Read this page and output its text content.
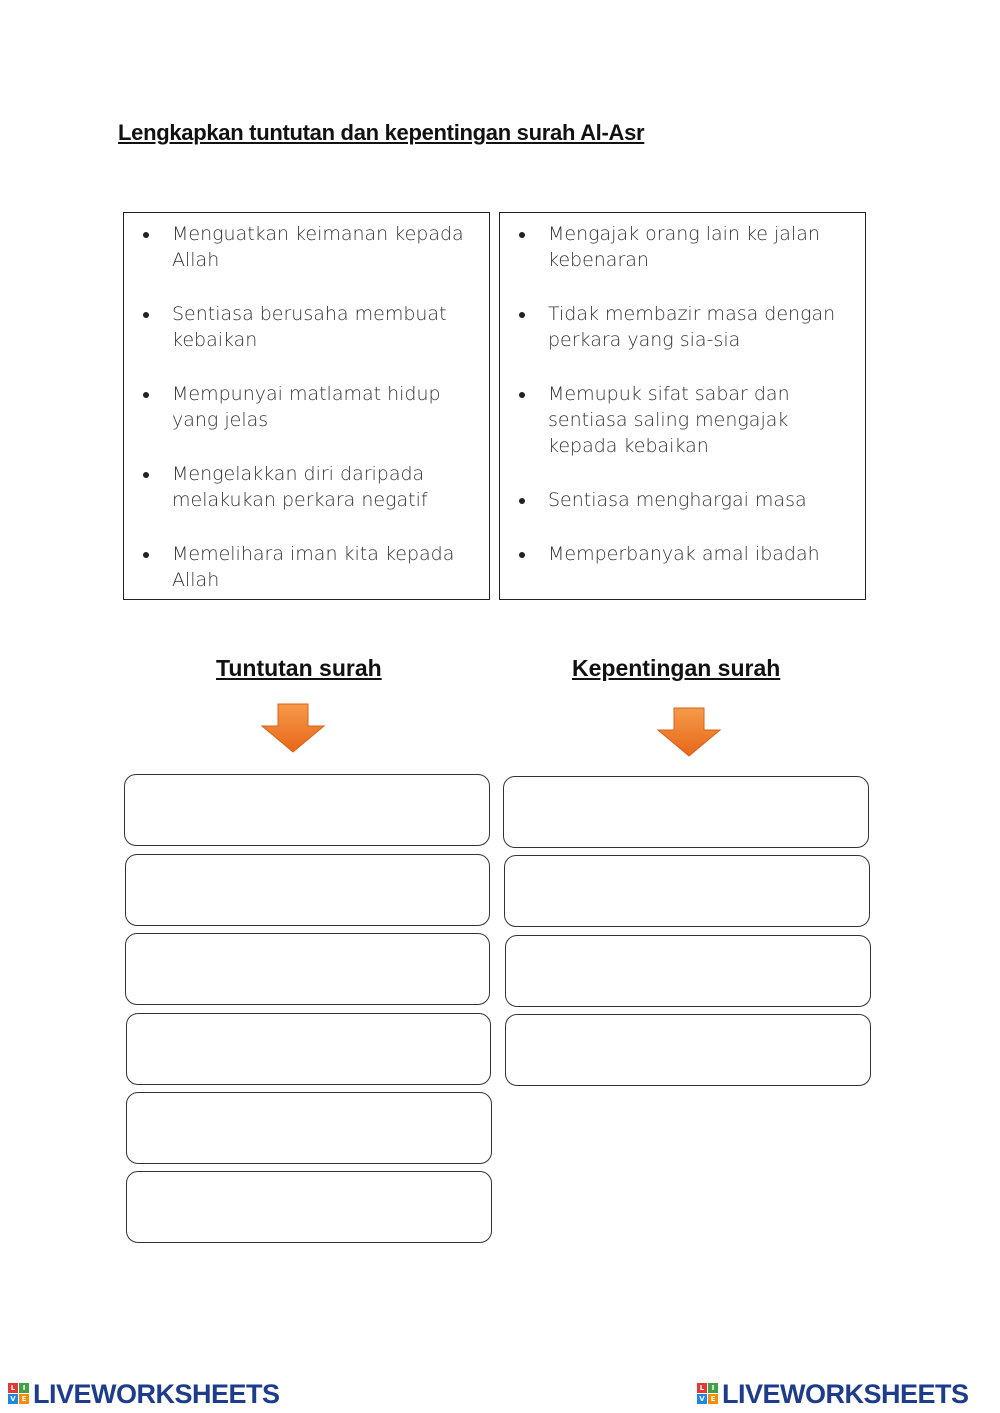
Lengkapkan tuntutan dan kepentingan surah Al-Asr
Menguatkan keimanan kepada Allah
Sentiasa berusaha membuat kebaikan
Mempunyai matlamat hidup yang jelas
Mengelakkan diri daripada melakukan perkara negatif
Memelihara iman kita kepada Allah
Mengajak orang lain ke jalan kebenaran
Tidak membazir masa dengan perkara yang sia-sia
Memupuk sifat sabar dan sentiasa saling mengajak kepada kebaikan
Sentiasa menghargai masa
Memperbanyak amal ibadah
Tuntutan surah	Kepentingan surah
L	I
V E LIVEWORKSHEETS	L	I
V E LIVEWORKSHEETS
